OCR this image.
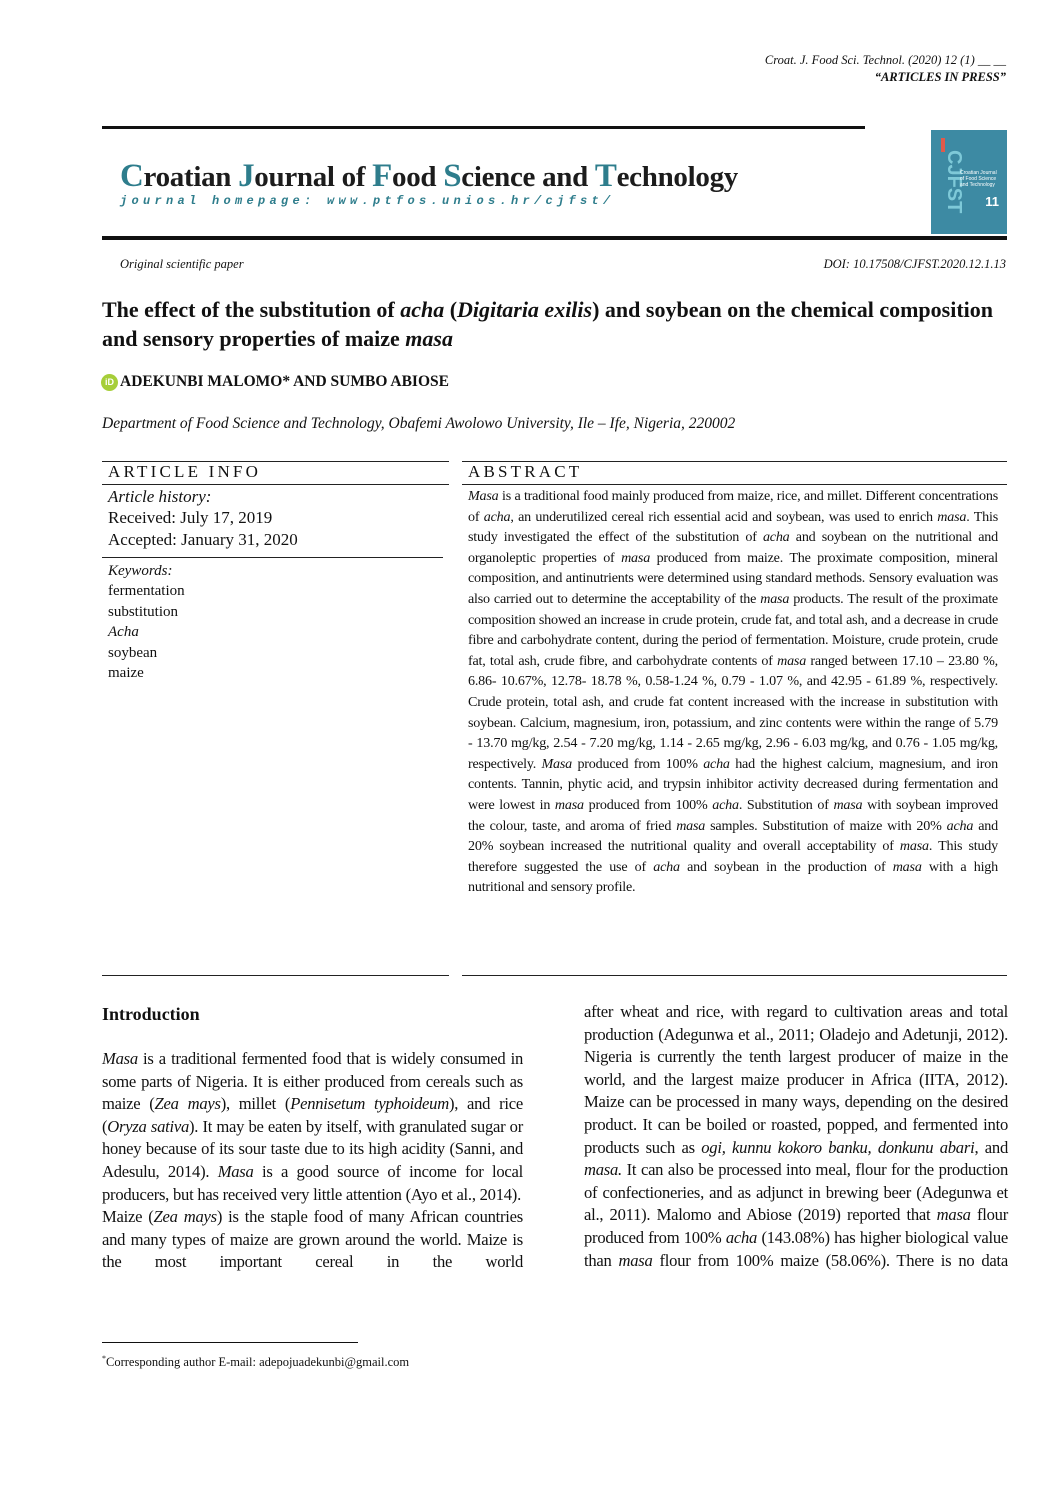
Croat. J. Food Sci. Technol. (2020) 12 (1) __ __
“ARTICLES IN PRESS”
Croatian Journal of Food Science and Technology
journal homepage: www.ptfos.unios.hr/cjfst/	CJFST
Croatian Journal of Food Science and Technology
11
Original scientific paper	DOI: 10.17508/CJFST.2020.12.1.13
The effect of the substitution of acha (Digitaria exilis) and soybean on the chemical composition and sensory properties of maize masa
iD ADEKUNBI MALOMO* AND SUMBO ABIOSE
Department of Food Science and Technology, Obafemi Awolowo University, Ile – Ife, Nigeria, 220002
ARTICLE INFO	ABSTRACT
Article history:
Received: July 17, 2019
Accepted: January 31, 2020
Keywords:
fermentation
substitution
Acha
soybean
maize

Masa is a traditional food mainly produced from maize, rice, and millet. Different concentrations of acha, an underutilized cereal rich essential acid and soybean, was used to enrich masa. This study investigated the effect of the substitution of acha and soybean on the nutritional and organoleptic properties of masa produced from maize. The proximate composition, mineral composition, and antinutrients were determined using standard methods. Sensory evaluation was also carried out to determine the acceptability of the masa products. The result of the proximate composition showed an increase in crude protein, crude fat, and total ash, and a decrease in crude fibre and carbohydrate content, during the period of fermentation. Moisture, crude protein, crude fat, total ash, crude fibre, and carbohydrate contents of masa ranged between 17.10 – 23.80 %, 6.86- 10.67%, 12.78- 18.78 %, 0.58-1.24 %, 0.79 - 1.07 %, and 42.95 - 61.89 %, respectively. Crude protein, total ash, and crude fat content increased with the increase in substitution with soybean. Calcium, magnesium, iron, potassium, and zinc contents were within the range of 5.79 - 13.70 mg/kg, 2.54 - 7.20 mg/kg, 1.14 - 2.65 mg/kg, 2.96 - 6.03 mg/kg, and 0.76 - 1.05 mg/kg, respectively. Masa produced from 100% acha had the highest calcium, magnesium, and iron contents. Tannin, phytic acid, and trypsin inhibitor activity decreased during fermentation and were lowest in masa produced from 100% acha. Substitution of masa with soybean improved the colour, taste, and aroma of fried masa samples. Substitution of maize with 20% acha and 20% soybean increased the nutritional quality and overall acceptability of masa. This study therefore suggested the use of acha and soybean in the production of masa with a high nutritional and sensory profile.

Introduction

Masa is a traditional fermented food that is widely consumed in some parts of Nigeria. It is either produced from cereals such as maize (Zea mays), millet (Pennisetum typhoideum), and rice (Oryza sativa). It may be eaten by itself, with granulated sugar or honey because of its sour taste due to its high acidity (Sanni, and Adesulu, 2014). Masa is a good source of income for local producers, but has received very little attention (Ayo et al., 2014).

Maize (Zea mays) is the staple food of many African countries and many types of maize are grown around the world. Maize is the most important cereal in the world

after wheat and rice, with regard to cultivation areas and total production (Adegunwa et al., 2011; Oladejo and Adetunji, 2012). Nigeria is currently the tenth largest producer of maize in the world, and the largest maize producer in Africa (IITA, 2012). Maize can be processed in many ways, depending on the desired product. It can be boiled or roasted, popped, and fermented into products such as ogi, kunnu kokoro banku, donkunu abari, and masa. It can also be processed into meal, flour for the production of confectioneries, and as adjunct in brewing beer (Adegunwa et al., 2011). Malomo and Abiose (2019) reported that masa flour produced from 100% acha (143.08%) has higher biological value than masa flour from 100% maize (58.06%). There is no data

*Corresponding author E-mail: adepojuadekunbi@gmail.com
